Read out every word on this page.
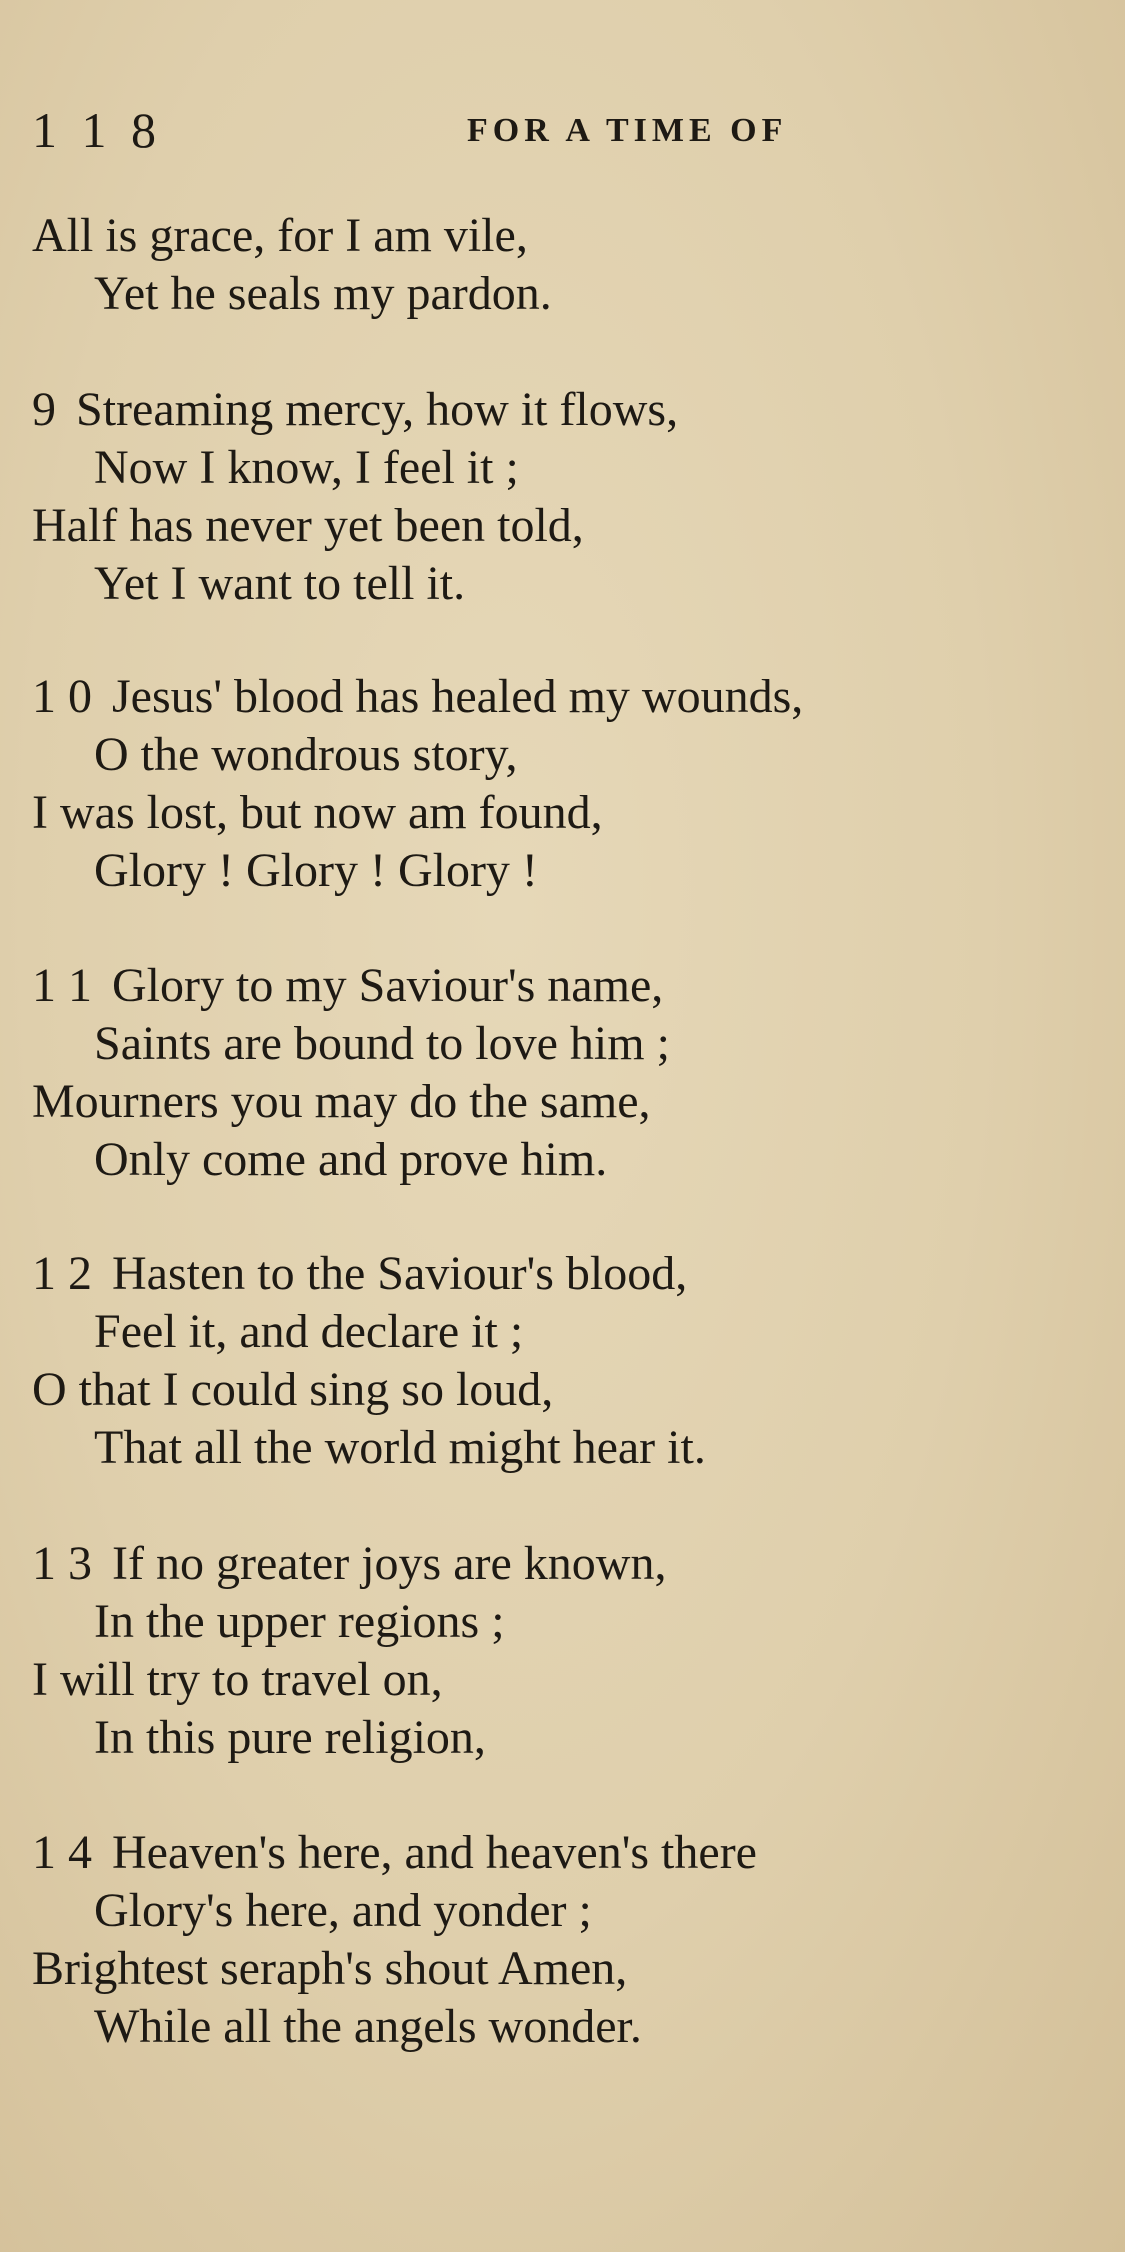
1 1 8	FOR A TIME OF
All is grace, for I am vile,
Yet he seals my pardon.
9 Streaming mercy, how it flows,
Now I know, I feel it ;
Half has never yet been told,
Yet I want to tell it.
1 0 Jesus' blood has healed my wounds,
O the wondrous story,
I was lost, but now am found,
Glory ! Glory ! Glory !
1 1 Glory to my Saviour's name,
Saints are bound to love him ;
Mourners you may do the same,
Only come and prove him.
1 2 Hasten to the Saviour's blood,
Feel it, and declare it ;
O that I could sing so loud,
That all the world might hear it.
1 3 If no greater joys are known,
In the upper regions ;
I will try to travel on,
In this pure religion,
1 4 Heaven's here, and heaven's there
Glory's here, and yonder ;
Brightest seraph's shout Amen,
While all the angels wonder.
